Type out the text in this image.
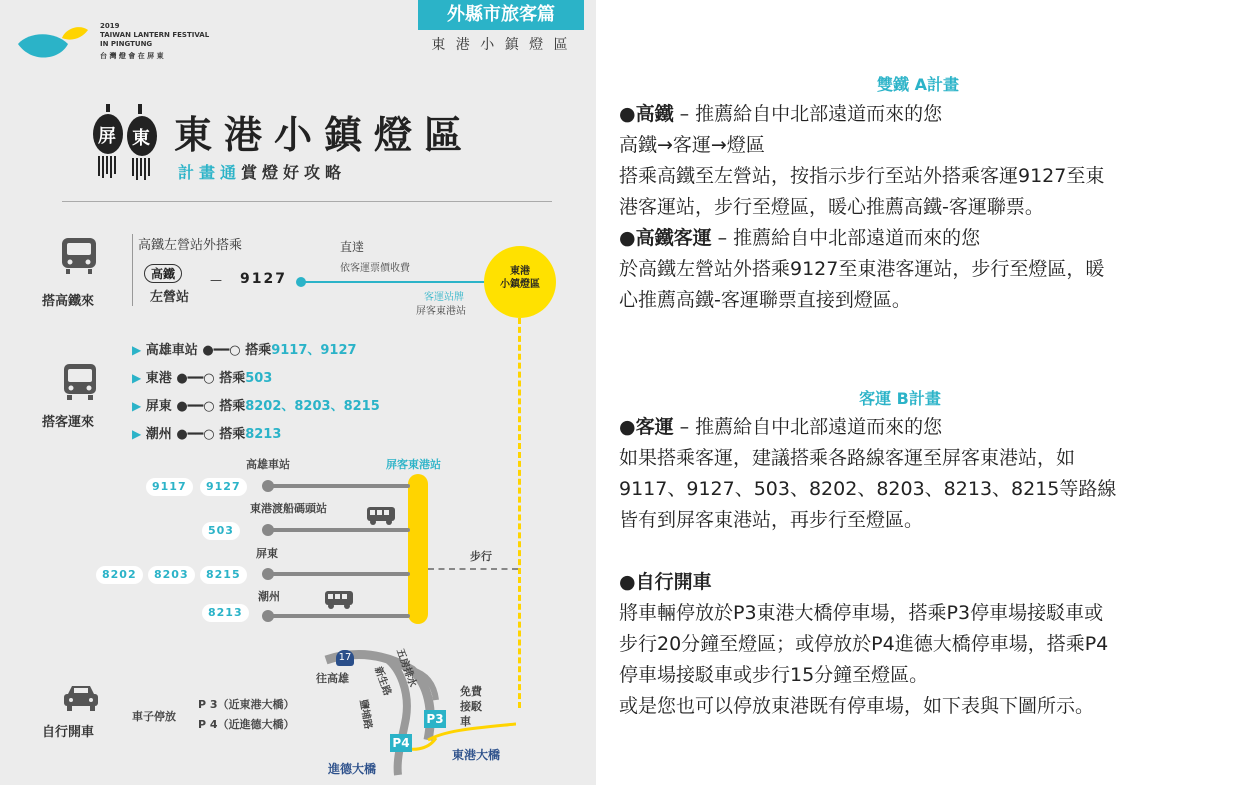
2019
TAIWAN LANTERN FESTIVAL
IN PINGTUNG
台 灣 燈 會 在 屏 東
外縣市旅客篇
東 港 小 鎮 燈 區
屏 東 東港小鎮燈區
計畫通賞燈好攻略
搭高鐵來
高鐵左營站外搭乘
高鐵
左營站
— 9127
直達
依客運票價收費
客運站牌
屏客東港站
東港
小鎮燈區
搭客運來
▶ 高雄車站 ●━━○ 搭乘9117、9127
▶ 東港 ●━━○ 搭乘503
▶ 屏東 ●━━○ 搭乘8202、8203、8215
▶ 潮州 ●━━○ 搭乘8213
屏客東港站
高雄車站
9117	9127
東港渡船碼頭站
503
屏東
8202	8203	8215
潮州
8213
步行
自行開車
車子停放
P 3（近東港大橋）
P 4（近進德大橋）
17
往高雄	五房排水
新生路
鹽埔路
免費接駁車
P3
P4
東港大橋
進德大橋
雙鐵 A計畫
●高鐵 – 推薦給自中北部遠道而來的您
高鐵→客運→燈區
搭乘高鐵至左營站，按指示步行至站外搭乘客運9127至東
港客運站，步行至燈區，暖心推薦高鐵-客運聯票。
●高鐵客運 – 推薦給自中北部遠道而來的您
於高鐵左營站外搭乘9127至東港客運站，步行至燈區，暖
心推薦高鐵-客運聯票直接到燈區。
客運 B計畫
●客運 – 推薦給自中北部遠道而來的您
如果搭乘客運，建議搭乘各路線客運至屏客東港站，如
9117、9127、503、8202、8203、8213、8215等路線
皆有到屏客東港站，再步行至燈區。
●自行開車
將車輛停放於P3東港大橋停車場，搭乘P3停車場接駁車或
步行20分鐘至燈區；或停放於P4進德大橋停車場，搭乘P4
停車場接駁車或步行15分鐘至燈區。
或是您也可以停放東港既有停車場，如下表與下圖所示。
